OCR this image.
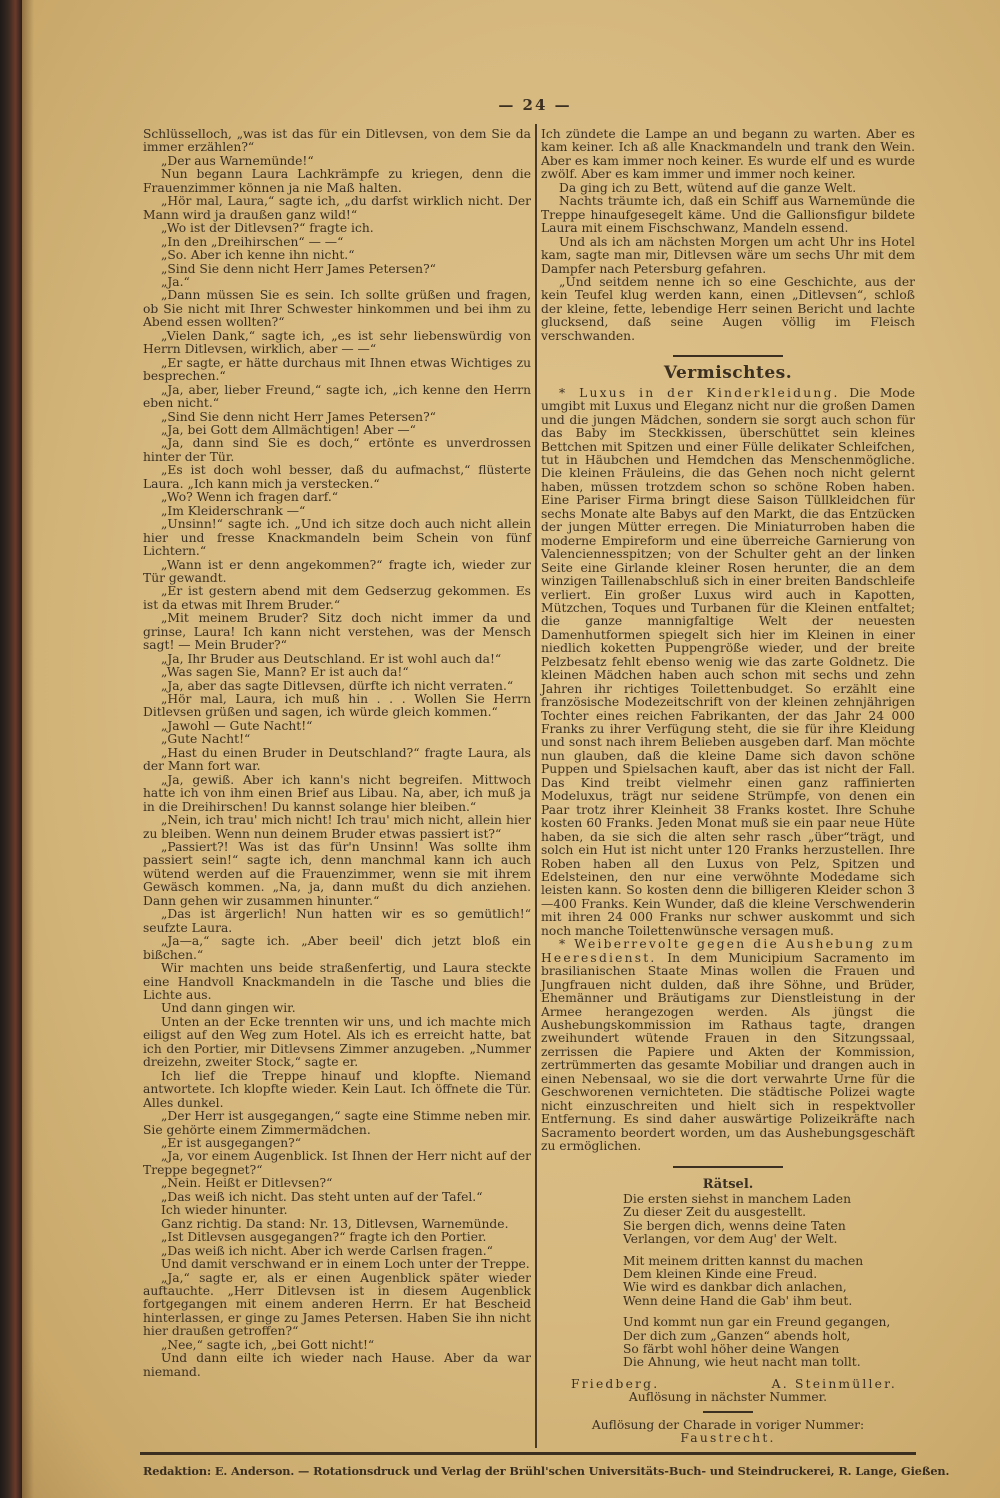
— 24 —

Schlüsselloch, „was ist das für ein Ditlevsen, von dem Sie da immer erzählen?“

„Der aus Warnemünde!“

Nun begann Laura Lachkrämpfe zu kriegen, denn die Frauenzimmer können ja nie Maß halten.

„Hör mal, Laura,“ sagte ich, „du darfst wirklich nicht. Der Mann wird ja draußen ganz wild!“

„Wo ist der Ditlevsen?“ fragte ich.

„In den „Dreihirschen“ — —“

„So. Aber ich kenne ihn nicht.“

„Sind Sie denn nicht Herr James Petersen?“

„Ja.“

„Dann müssen Sie es sein. Ich sollte grüßen und fragen, ob Sie nicht mit Ihrer Schwester hinkommen und bei ihm zu Abend essen wollten?“

„Vielen Dank,“ sagte ich, „es ist sehr liebenswürdig von Herrn Ditlevsen, wirklich, aber — —“

„Er sagte, er hätte durchaus mit Ihnen etwas Wichtiges zu besprechen.“

„Ja, aber, lieber Freund,“ sagte ich, „ich kenne den Herrn eben nicht.“

„Sind Sie denn nicht Herr James Petersen?“

„Ja, bei Gott dem Allmächtigen! Aber —“

„Ja, dann sind Sie es doch,“ ertönte es unverdrossen hinter der Tür.

„Es ist doch wohl besser, daß du aufmachst,“ flüsterte Laura. „Ich kann mich ja verstecken.“

„Wo? Wenn ich fragen darf.“

„Im Kleiderschrank —“

„Unsinn!“ sagte ich. „Und ich sitze doch auch nicht allein hier und fresse Knackmandeln beim Schein von fünf Lichtern.“

„Wann ist er denn angekommen?“ fragte ich, wieder zur Tür gewandt.

„Er ist gestern abend mit dem Gedserzug gekommen. Es ist da etwas mit Ihrem Bruder.“

„Mit meinem Bruder? Sitz doch nicht immer da und grinse, Laura! Ich kann nicht verstehen, was der Mensch sagt! — Mein Bruder?“

„Ja, Ihr Bruder aus Deutschland. Er ist wohl auch da!“

„Was sagen Sie, Mann? Er ist auch da!“

„Ja, aber das sagte Ditlevsen, dürfte ich nicht verraten.“

„Hör mal, Laura, ich muß hin . . . Wollen Sie Herrn Ditlevsen grüßen und sagen, ich würde gleich kommen.“

„Jawohl — Gute Nacht!“

„Gute Nacht!“

„Hast du einen Bruder in Deutschland?“ fragte Laura, als der Mann fort war.

„Ja, gewiß. Aber ich kann's nicht begreifen. Mittwoch hatte ich von ihm einen Brief aus Libau. Na, aber, ich muß ja in die Dreihirschen! Du kannst solange hier bleiben.“

„Nein, ich trau' mich nicht! Ich trau' mich nicht, allein hier zu bleiben. Wenn nun deinem Bruder etwas passiert ist?“

„Passiert?! Was ist das für'n Unsinn! Was sollte ihm passiert sein!“ sagte ich, denn manchmal kann ich auch wütend werden auf die Frauenzimmer, wenn sie mit ihrem Gewäsch kommen. „Na, ja, dann mußt du dich anziehen. Dann gehen wir zusammen hinunter.“

„Das ist ärgerlich! Nun hatten wir es so gemütlich!“ seufzte Laura.

„Ja—a,“ sagte ich. „Aber beeil' dich jetzt bloß ein bißchen.“

Wir machten uns beide straßenfertig, und Laura steckte eine Handvoll Knackmandeln in die Tasche und blies die Lichte aus.

Und dann gingen wir.

Unten an der Ecke trennten wir uns, und ich machte mich eiligst auf den Weg zum Hotel. Als ich es erreicht hatte, bat ich den Portier, mir Ditlevsens Zimmer anzugeben. „Nummer dreizehn, zweiter Stock,“ sagte er.

Ich lief die Treppe hinauf und klopfte. Niemand antwortete. Ich klopfte wieder. Kein Laut. Ich öffnete die Tür. Alles dunkel.

„Der Herr ist ausgegangen,“ sagte eine Stimme neben mir. Sie gehörte einem Zimmermädchen.

„Er ist ausgegangen?“

„Ja, vor einem Augenblick. Ist Ihnen der Herr nicht auf der Treppe begegnet?“

„Nein. Heißt er Ditlevsen?“

„Das weiß ich nicht. Das steht unten auf der Tafel.“

Ich wieder hinunter.

Ganz richtig. Da stand: Nr. 13, Ditlevsen, Warnemünde.

„Ist Ditlevsen ausgegangen?“ fragte ich den Portier.

„Das weiß ich nicht. Aber ich werde Carlsen fragen.“

Und damit verschwand er in einem Loch unter der Treppe.

„Ja,“ sagte er, als er einen Augenblick später wieder auftauchte. „Herr Ditlevsen ist in diesem Augenblick fortgegangen mit einem anderen Herrn. Er hat Bescheid hinterlassen, er ginge zu James Petersen. Haben Sie ihn nicht hier draußen getroffen?“

„Nee,“ sagte ich, „bei Gott nicht!“

Und dann eilte ich wieder nach Hause. Aber da war niemand.

Ich zündete die Lampe an und begann zu warten. Aber es kam keiner. Ich aß alle Knackmandeln und trank den Wein. Aber es kam immer noch keiner. Es wurde elf und es wurde zwölf. Aber es kam immer und immer noch keiner.

Da ging ich zu Bett, wütend auf die ganze Welt.

Nachts träumte ich, daß ein Schiff aus Warnemünde die Treppe hinaufgesegelt käme. Und die Gallionsfigur bildete Laura mit einem Fischschwanz, Mandeln essend.

Und als ich am nächsten Morgen um acht Uhr ins Hotel kam, sagte man mir, Ditlevsen wäre um sechs Uhr mit dem Dampfer nach Petersburg gefahren.

„Und seitdem nenne ich so eine Geschichte, aus der kein Teufel klug werden kann, einen „Ditlevsen“, schloß der kleine, fette, lebendige Herr seinen Bericht und lachte glucksend, daß seine Augen völlig im Fleisch verschwanden.

Vermischtes.

* Luxus in der Kinderkleidung. Die Mode umgibt mit Luxus und Eleganz nicht nur die großen Damen und die jungen Mädchen, sondern sie sorgt auch schon für das Baby im Steckkissen, überschüttet sein kleines Bettchen mit Spitzen und einer Fülle delikater Schleifchen, tut in Häubchen und Hemdchen das Menschenmögliche. Die kleinen Fräuleins, die das Gehen noch nicht gelernt haben, müssen trotzdem schon so schöne Roben haben. Eine Pariser Firma bringt diese Saison Tüllkleidchen für sechs Monate alte Babys auf den Markt, die das Entzücken der jungen Mütter erregen. Die Miniaturroben haben die moderne Empireform und eine überreiche Garnierung von Valenciennesspitzen; von der Schulter geht an der linken Seite eine Girlande kleiner Rosen herunter, die an dem winzigen Taillenabschluß sich in einer breiten Bandschleife verliert. Ein großer Luxus wird auch in Kapotten, Mützchen, Toques und Turbanen für die Kleinen entfaltet; die ganze mannigfaltige Welt der neuesten Damenhutformen spiegelt sich hier im Kleinen in einer niedlich koketten Puppengröße wieder, und der breite Pelzbesatz fehlt ebenso wenig wie das zarte Goldnetz. Die kleinen Mädchen haben auch schon mit sechs und zehn Jahren ihr richtiges Toilettenbudget. So erzählt eine französische Modezeitschrift von der kleinen zehnjährigen Tochter eines reichen Fabrikanten, der das Jahr 24 000 Franks zu ihrer Verfügung steht, die sie für ihre Kleidung und sonst nach ihrem Belieben ausgeben darf. Man möchte nun glauben, daß die kleine Dame sich davon schöne Puppen und Spielsachen kauft, aber das ist nicht der Fall. Das Kind treibt vielmehr einen ganz raffinierten Modeluxus, trägt nur seidene Strümpfe, von denen ein Paar trotz ihrer Kleinheit 38 Franks kostet. Ihre Schuhe kosten 60 Franks. Jeden Monat muß sie ein paar neue Hüte haben, da sie sich die alten sehr rasch „über“trägt, und solch ein Hut ist nicht unter 120 Franks herzustellen. Ihre Roben haben all den Luxus von Pelz, Spitzen und Edelsteinen, den nur eine verwöhnte Modedame sich leisten kann. So kosten denn die billigeren Kleider schon 3—400 Franks. Kein Wunder, daß die kleine Verschwenderin mit ihren 24 000 Franks nur schwer auskommt und sich noch manche Toilettenwünsche versagen muß.

* Weiberrevolte gegen die Aushebung zum Heeresdienst. In dem Municipium Sacramento im brasilianischen Staate Minas wollen die Frauen und Jungfrauen nicht dulden, daß ihre Söhne, und Brüder, Ehemänner und Bräutigams zur Dienstleistung in der Armee herangezogen werden. Als jüngst die Aushebungskommission im Rathaus tagte, drangen zweihundert wütende Frauen in den Sitzungssaal, zerrissen die Papiere und Akten der Kommission, zertrümmerten das gesamte Mobiliar und drangen auch in einen Nebensaal, wo sie die dort verwahrte Urne für die Geschworenen vernichteten. Die städtische Polizei wagte nicht einzuschreiten und hielt sich in respektvoller Entfernung. Es sind daher auswärtige Polizeikräfte nach Sacramento beordert worden, um das Aushebungsgeschäft zu ermöglichen.

Rätsel.
Die ersten siehst in manchem Laden
Zu dieser Zeit du ausgestellt.
Sie bergen dich, wenns deine Taten
Verlangen, vor dem Aug' der Welt.
Mit meinem dritten kannst du machen
Dem kleinen Kinde eine Freud.
Wie wird es dankbar dich anlachen,
Wenn deine Hand die Gab' ihm beut.
Und kommt nun gar ein Freund gegangen,
Der dich zum „Ganzen“ abends holt,
So färbt wohl höher deine Wangen
Die Ahnung, wie heut nacht man tollt.
Friedberg.	A. Steinmüller.
Auflösung in nächster Nummer.
Auflösung der Charade in voriger Nummer:
Faustrecht.
Redaktion: E. Anderson. — Rotationsdruck und Verlag der Brühl'schen Universitäts-Buch- und Steindruckerei, R. Lange, Gießen.
